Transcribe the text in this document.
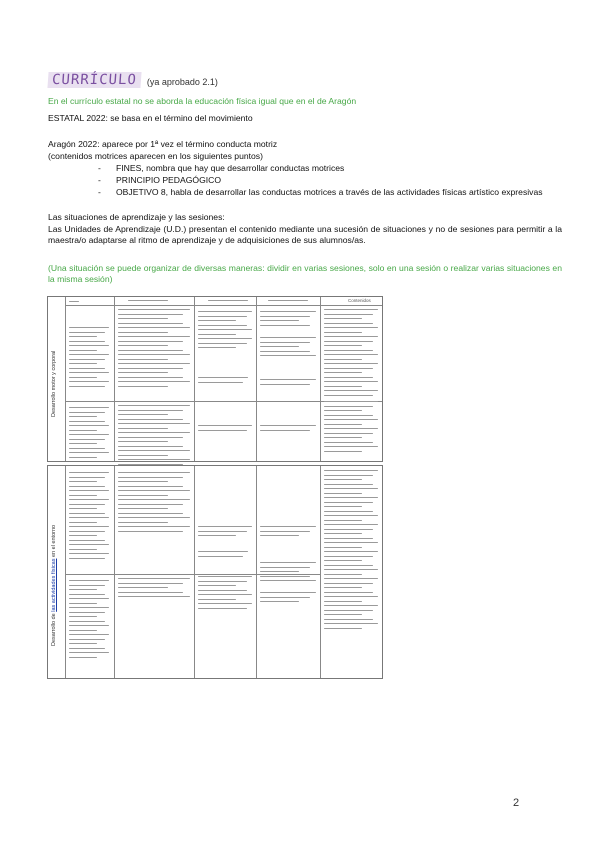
CURRÍCULO	(ya aprobado 2.1)
En el currículo estatal no se aborda la educación física igual que en el de Aragón
ESTATAL 2022: se basa en el término del movimiento
Aragón 2022: aparece por 1ª vez el término conducta motriz
(contenidos motrices aparecen en los siguientes puntos)
- FINES, nombra que hay que desarrollar conductas motrices
- PRINCIPIO PEDAGÓGICO
- OBJETIVO 8, habla de desarrollar las conductas motrices a través de las actividades físicas artístico expresivas
Las situaciones de aprendizaje y las sesiones:
Las Unidades de Aprendizaje (U.D.) presentan el contenido mediante una sucesión de situaciones y no de sesiones para permitir a la maestra/o adaptarse al ritmo de aprendizaje y de adquisiciones de sus alumnos/as.
(Una situación se puede organizar de diversas maneras: dividir en varias sesiones, solo en una sesión o realizar varias situaciones en la misma sesión)
Desarrollo motor y corporal
Contenidos
Desarrollo de las actividades físicas en el entorno
2
